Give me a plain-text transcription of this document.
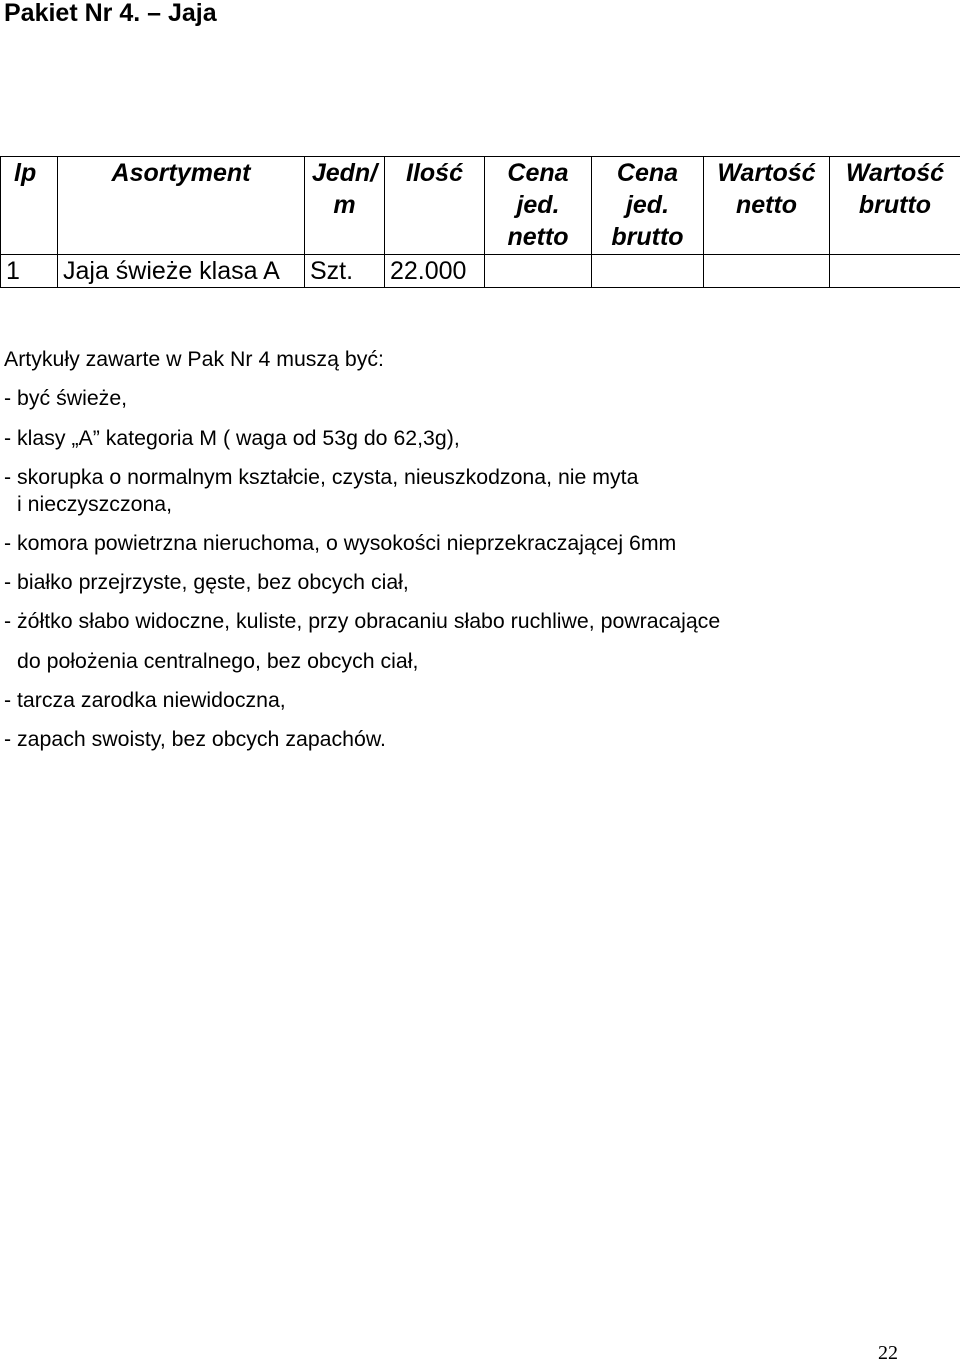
Pakiet Nr 4. – Jaja
lp	Asortyment	Jedn/ m	Ilość	Cena jed. netto	Cena jed. brutto	Wartość netto	Wartość brutto
1	Jaja świeże klasa A	Szt.	22.000				
Artykuły zawarte w Pak Nr 4 muszą być:
- być świeże,
- klasy „A” kategoria M ( waga od 53g do 62,3g),
- skorupka o normalnym kształcie, czysta, nieuszkodzona, nie myta
i nieczyszczona,
- komora powietrzna nieruchoma, o wysokości nieprzekraczającej 6mm
- białko przejrzyste, gęste, bez obcych ciał,
- żółtko słabo widoczne, kuliste, przy obracaniu słabo ruchliwe, powracające
do położenia centralnego, bez obcych ciał,
- tarcza zarodka niewidoczna,
- zapach swoisty, bez obcych zapachów.
22
